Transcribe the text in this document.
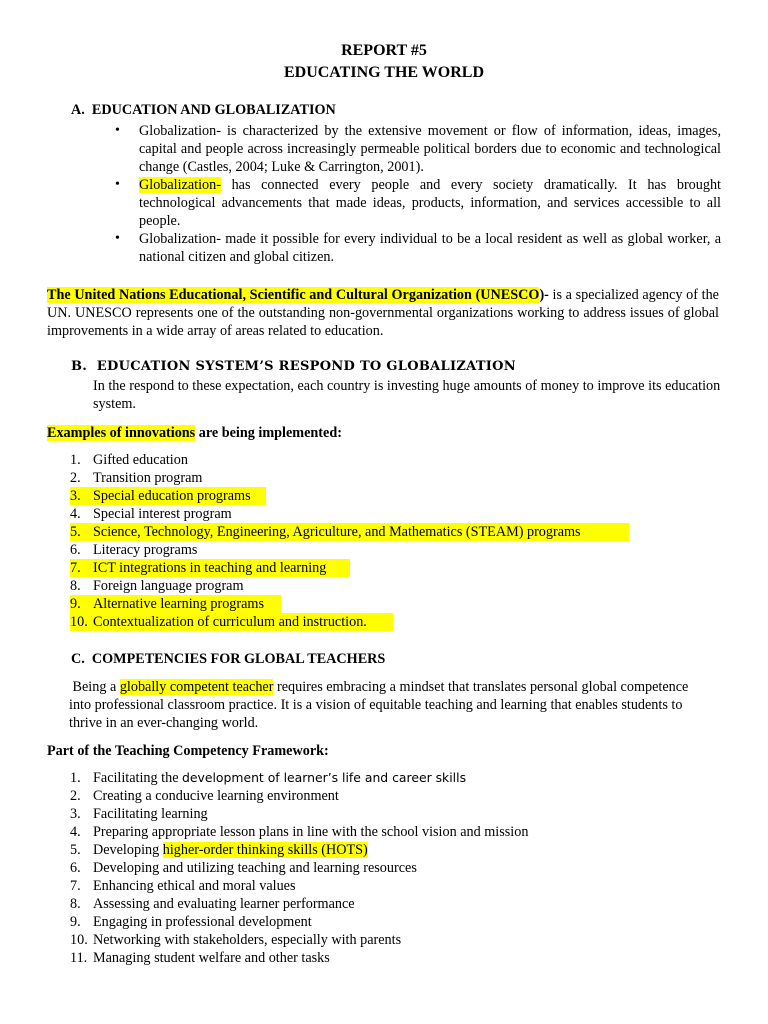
REPORT #5
EDUCATING THE WORLD
A. EDUCATION AND GLOBALIZATION
• Globalization- is characterized by the extensive movement or flow of information, ideas, images, capital and people across increasingly permeable political borders due to economic and technological change (Castles, 2004; Luke & Carrington, 2001).
• Globalization- has connected every people and every society dramatically. It has brought technological advancements that made ideas, products, information, and services accessible to all people.
• Globalization- made it possible for every individual to be a local resident as well as global worker, a national citizen and global citizen.
The United Nations Educational, Scientific and Cultural Organization (UNESCO)- is a specialized agency of the UN. UNESCO represents one of the outstanding non-governmental organizations working to address issues of global improvements in a wide array of areas related to education.
B. EDUCATION SYSTEM’S RESPOND TO GLOBALIZATION
In the respond to these expectation, each country is investing huge amounts of money to improve its education system.
Examples of innovations are being implemented:
1. Gifted education
2. Transition program
3. Special education programs
4. Special interest program
5. Science, Technology, Engineering, Agriculture, and Mathematics (STEAM) programs
6. Literacy programs
7. ICT integrations in teaching and learning
8. Foreign language program
9. Alternative learning programs
10. Contextualization of curriculum and instruction.
C. COMPETENCIES FOR GLOBAL TEACHERS
Being a globally competent teacher requires embracing a mindset that translates personal global competence into professional classroom practice. It is a vision of equitable teaching and learning that enables students to thrive in an ever-changing world.
Part of the Teaching Competency Framework:
1. Facilitating the development of learner’s life and career skills
2. Creating a conducive learning environment
3. Facilitating learning
4. Preparing appropriate lesson plans in line with the school vision and mission
5. Developing higher-order thinking skills (HOTS)
6. Developing and utilizing teaching and learning resources
7. Enhancing ethical and moral values
8. Assessing and evaluating learner performance
9. Engaging in professional development
10. Networking with stakeholders, especially with parents
11. Managing student welfare and other tasks
